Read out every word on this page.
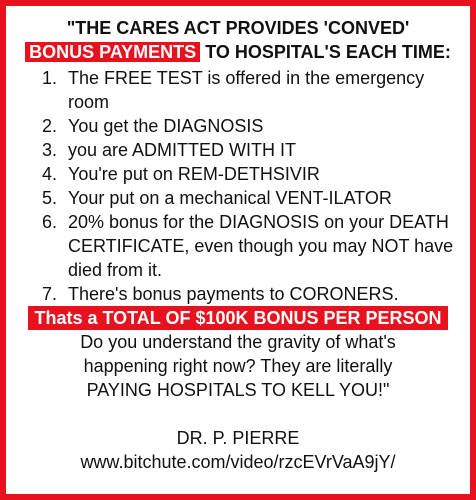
"THE CARES ACT PROVIDES 'CONVED'
BONUS PAYMENTS TO HOSPITAL'S EACH TIME:
1. The FREE TEST is offered in the emergency room
2. You get the DIAGNOSIS
3. you are ADMITTED WITH IT
4. You're put on REM-DETHSIVIR
5. Your put on a mechanical VENT-ILATOR
6. 20% bonus for the DIAGNOSIS on your DEATH CERTIFICATE, even though you may NOT have died from it.
7. There's bonus payments to CORONERS.
Thats a TOTAL OF $100K BONUS PER PERSON
Do you understand the gravity of what's
happening right now? They are literally
PAYING HOSPITALS TO KELL YOU!"
DR. P. PIERRE
www.bitchute.com/video/rzcEVrVaA9jY/
